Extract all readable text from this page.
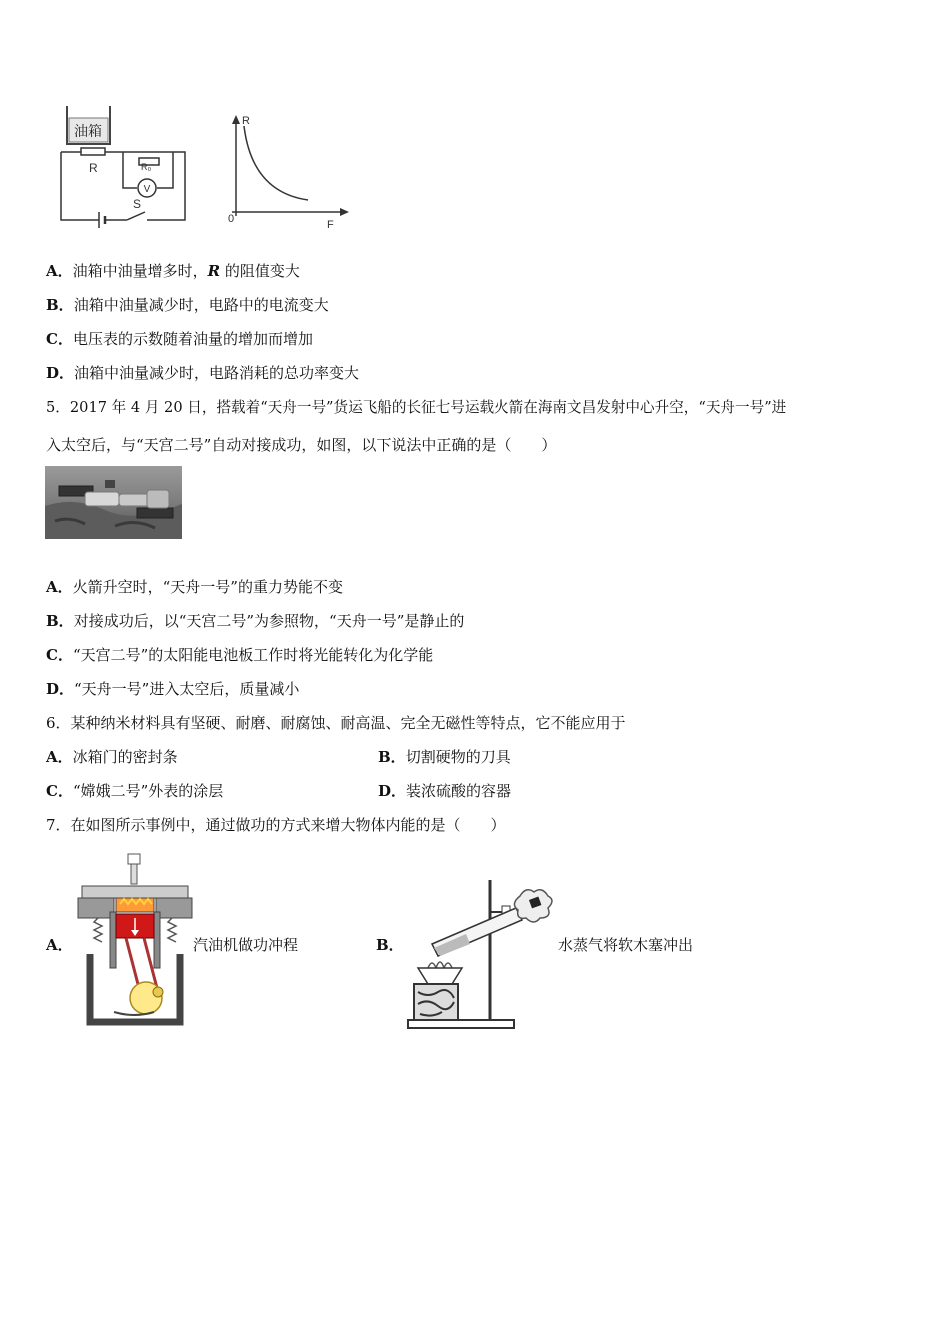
油箱
R
S
R₀
V
R
F
0
A．油箱中油量增多时，R 的阻值变大
B．油箱中油量减少时，电路中的电流变大
C．电压表的示数随着油量的增加而增加
D．油箱中油量减少时，电路消耗的总功率变大
5．2017 年 4 月 20 日，搭载着“天舟一号”货运飞船的长征七号运载火箭在海南文昌发射中心升空，“天舟一号”进
入太空后，与“天宫二号”自动对接成功，如图，以下说法中正确的是（　　）
A．火箭升空时，“天舟一号”的重力势能不变
B．对接成功后，以“天宫二号”为参照物，“天舟一号”是静止的
C．“天宫二号”的太阳能电池板工作时将光能转化为化学能
D．“天舟一号”进入太空后，质量减小
6．某种纳米材料具有坚硬、耐磨、耐腐蚀、耐高温、完全无磁性等特点，它不能应用于
A．冰箱门的密封条	B．切割硬物的刀具
C．“嫦娥二号”外表的涂层	D．装浓硫酸的容器
7．在如图所示事例中，通过做功的方式来增大物体内能的是（　　）
A．	汽油机做功冲程	B．	水蒸气将软木塞冲出
